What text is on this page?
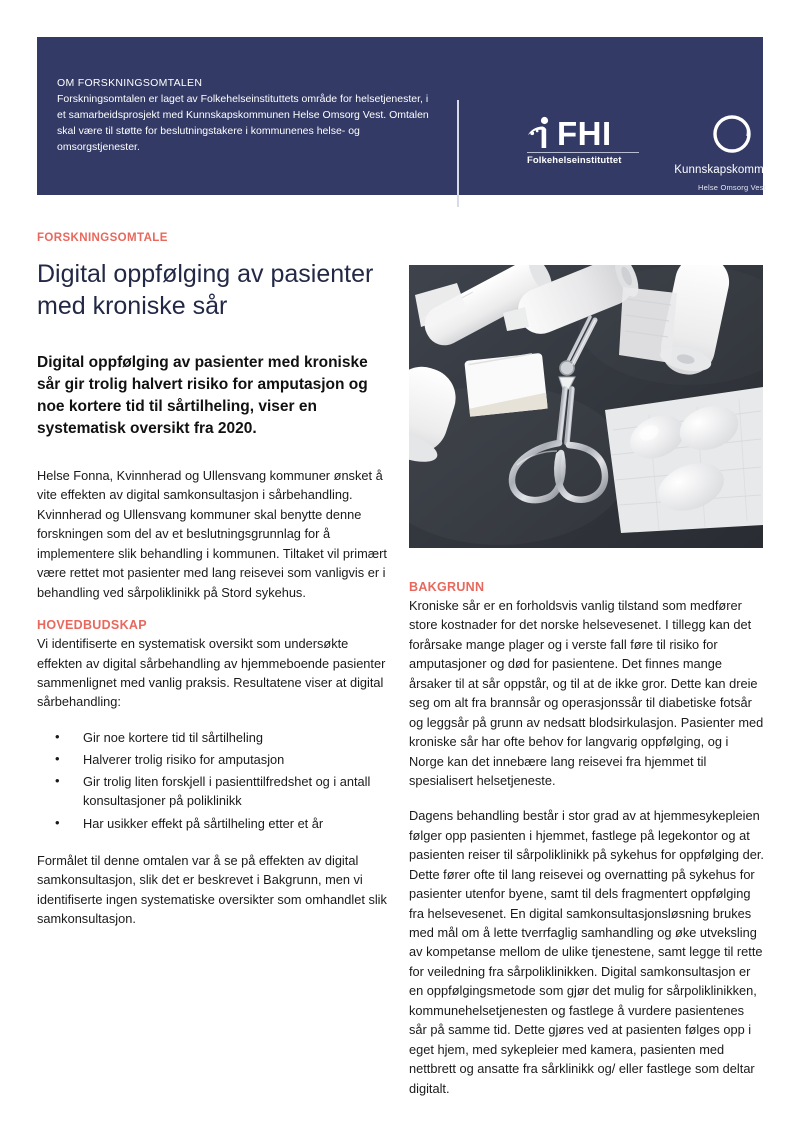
OM FORSKNINGSOMTALEN

Forskningsomtalen er laget av Folkehelseinstituttets område for helsetjenester, i et samarbeidsprosjekt med Kunnskapskommunen Helse Omsorg Vest. Omtalen skal være til støtte for beslutningstakere i kommunenes helse- og omsorgstjenester.	FHI
Folkehelseinstituttet
Kunnskapskommunen
Helse Omsorg Vest

FORSKNINGSOMTALE

Digital oppfølging av pasienter med kroniske sår

Digital oppfølging av pasienter med kroniske sår gir trolig halvert risiko for amputasjon og noe kortere tid til sårtilheling, viser en systematisk oversikt fra 2020.

Helse Fonna, Kvinnherad og Ullensvang kommuner ønsket å vite effekten av digital samkonsultasjon i sårbehandling. Kvinnherad og Ullensvang kommuner skal benytte denne forskningen som del av et beslutningsgrunnlag for å implementere slik behandling i kommunen. Tiltaket vil primært være rettet mot pasienter med lang reisevei som vanligvis er i behandling ved sårpoliklinikk på Stord sykehus.

HOVEDBUDSKAP

Vi identifiserte en systematisk oversikt som undersøkte effekten av digital sårbehandling av hjemmeboende pasienter sammenlignet med vanlig praksis. Resultatene viser at digital sårbehandling:

• Gir noe kortere tid til sårtilheling
• Halverer trolig risiko for amputasjon
• Gir trolig liten forskjell i pasienttilfredshet og i antall konsultasjoner på poliklinikk
• Har usikker effekt på sårtilheling etter et år

Formålet til denne omtalen var å se på effekten av digital samkonsultasjon, slik det er beskrevet i Bakgrunn, men vi identifiserte ingen systematiske oversikter som omhandlet slik samkonsultasjon.

BAKGRUNN

Kroniske sår er en forholdsvis vanlig tilstand som medfører store kostnader for det norske helsevesenet. I tillegg kan det forårsake mange plager og i verste fall føre til risiko for amputasjoner og død for pasientene. Det finnes mange årsaker til at sår oppstår, og til at de ikke gror. Dette kan dreie seg om alt fra brannsår og operasjonssår til diabetiske fotsår og leggsår på grunn av nedsatt blodsirkulasjon. Pasienter med kroniske sår har ofte behov for langvarig oppfølging, og i Norge kan det innebære lang reisevei fra hjemmet til spesialisert helsetjeneste.

Dagens behandling består i stor grad av at hjemmesykepleien følger opp pasienten i hjemmet, fastlege på legekontor og at pasienten reiser til sårpoliklinikk på sykehus for oppfølging der. Dette fører ofte til lang reisevei og overnatting på sykehus for pasienter utenfor byene, samt til dels fragmentert oppfølging fra helsevesenet. En digital samkonsultasjonsløsning brukes med mål om å lette tverrfaglig samhandling og øke utveksling av kompetanse mellom de ulike tjenestene, samt legge til rette for veiledning fra sårpoliklinikken. Digital samkonsultasjon er en oppfølgingsmetode som gjør det mulig for sårpoliklinikken, kommunehelsetjenesten og fastlege å vurdere pasientenes sår på samme tid. Dette gjøres ved at pasienten følges opp i eget hjem, med sykepleier med kamera, pasienten med nettbrett og ansatte fra sårklinikk og/ eller fastlege som deltar digitalt.
